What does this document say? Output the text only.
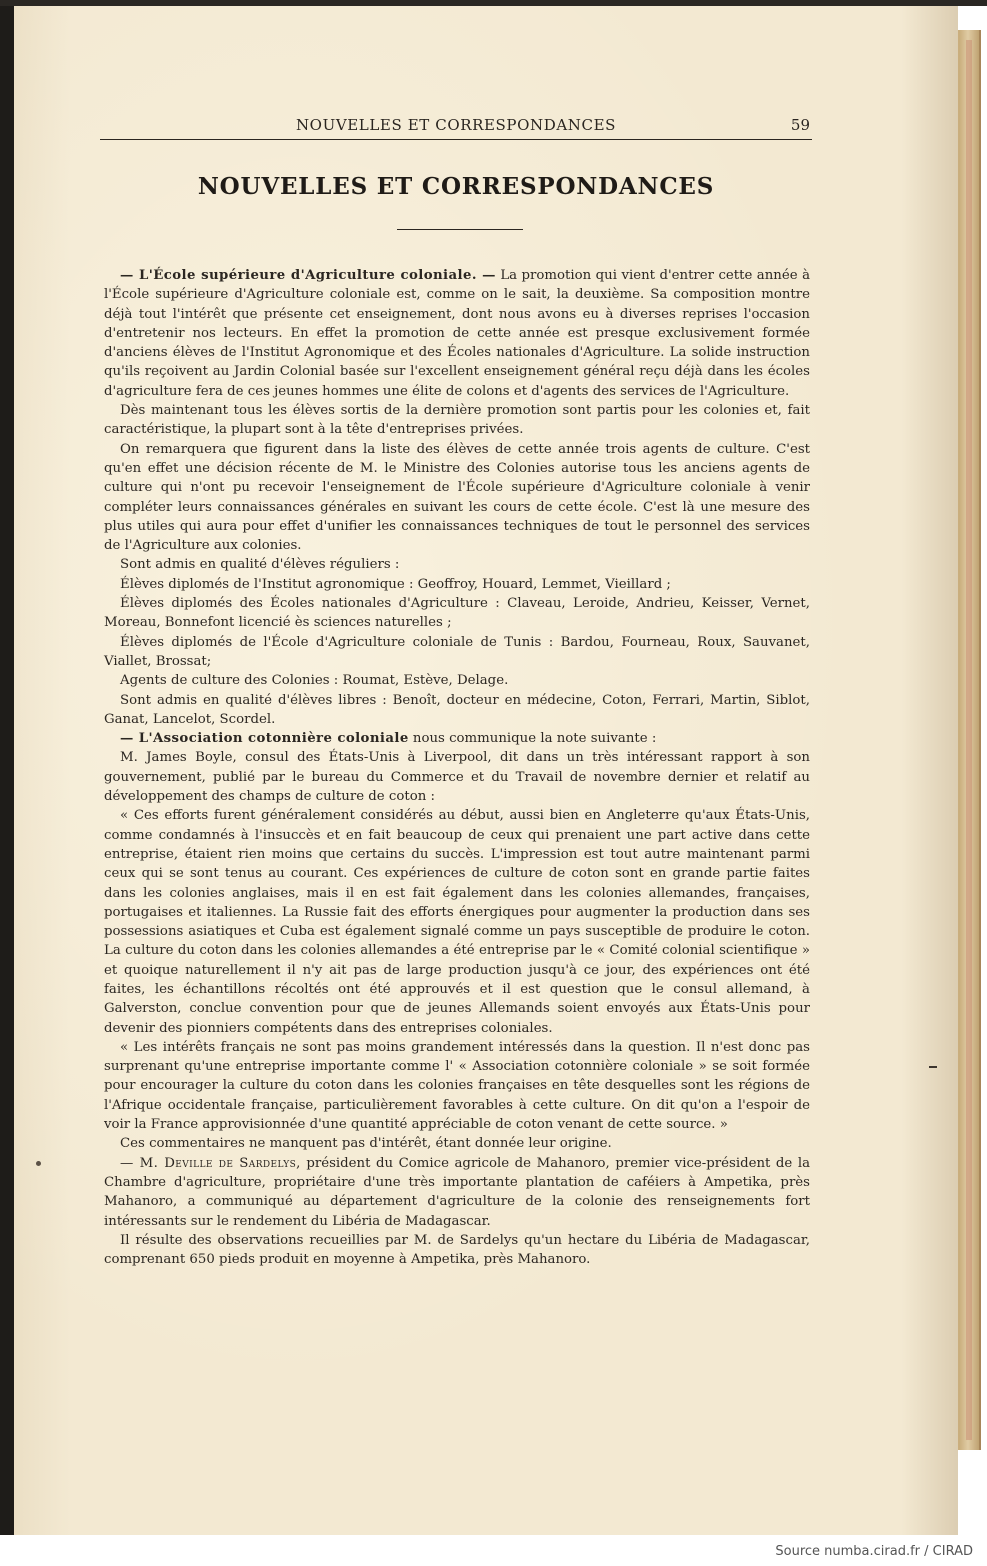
NOUVELLES ET CORRESPONDANCES	59
NOUVELLES ET CORRESPONDANCES

— L'École supérieure d'Agriculture coloniale. — La promotion qui vient d'entrer cette année à l'École supérieure d'Agriculture coloniale est, comme on le sait, la deuxième. Sa composition montre déjà tout l'intérêt que présente cet enseignement, dont nous avons eu à diverses reprises l'occasion d'entretenir nos lecteurs. En effet la promotion de cette année est presque exclusivement formée d'anciens élèves de l'Institut Agronomique et des Écoles nationales d'Agriculture. La solide instruction qu'ils reçoivent au Jardin Colonial basée sur l'excellent enseignement général reçu déjà dans les écoles d'agriculture fera de ces jeunes hommes une élite de colons et d'agents des services de l'Agriculture.

Dès maintenant tous les élèves sortis de la dernière promotion sont partis pour les colonies et, fait caractéristique, la plupart sont à la tête d'entreprises privées.

On remarquera que figurent dans la liste des élèves de cette année trois agents de culture. C'est qu'en effet une décision récente de M. le Ministre des Colonies autorise tous les anciens agents de culture qui n'ont pu recevoir l'enseignement de l'École supérieure d'Agriculture coloniale à venir compléter leurs connaissances générales en suivant les cours de cette école. C'est là une mesure des plus utiles qui aura pour effet d'unifier les connaissances techniques de tout le personnel des services de l'Agriculture aux colonies.

Sont admis en qualité d'élèves réguliers :

Élèves diplomés de l'Institut agronomique : Geoffroy, Houard, Lemmet, Vieillard ;

Élèves diplomés des Écoles nationales d'Agriculture : Claveau, Leroide, Andrieu, Keisser, Vernet, Moreau, Bonnefont licencié ès sciences naturelles ;

Élèves diplomés de l'École d'Agriculture coloniale de Tunis : Bardou, Fourneau, Roux, Sauvanet, Viallet, Brossat;

Agents de culture des Colonies : Roumat, Estève, Delage.

Sont admis en qualité d'élèves libres : Benoît, docteur en médecine, Coton, Ferrari, Martin, Siblot, Ganat, Lancelot, Scordel.

— L'Association cotonnière coloniale nous communique la note suivante :

M. James Boyle, consul des États-Unis à Liverpool, dit dans un très intéressant rapport à son gouvernement, publié par le bureau du Commerce et du Travail de novembre dernier et relatif au développement des champs de culture de coton :

« Ces efforts furent généralement considérés au début, aussi bien en Angleterre qu'aux États-Unis, comme condamnés à l'insuccès et en fait beaucoup de ceux qui prenaient une part active dans cette entreprise, étaient rien moins que certains du succès. L'impression est tout autre maintenant parmi ceux qui se sont tenus au courant. Ces expériences de culture de coton sont en grande partie faites dans les colonies anglaises, mais il en est fait également dans les colonies allemandes, françaises, portugaises et italiennes. La Russie fait des efforts énergiques pour augmenter la production dans ses possessions asiatiques et Cuba est également signalé comme un pays susceptible de produire le coton. La culture du coton dans les colonies allemandes a été entreprise par le « Comité colonial scientifique » et quoique naturellement il n'y ait pas de large production jusqu'à ce jour, des expériences ont été faites, les échantillons récoltés ont été approuvés et il est question que le consul allemand, à Galverston, conclue convention pour que de jeunes Allemands soient envoyés aux États-Unis pour devenir des pionniers compétents dans des entreprises coloniales.

« Les intérêts français ne sont pas moins grandement intéressés dans la question. Il n'est donc pas surprenant qu'une entreprise importante comme l' « Association cotonnière coloniale » se soit formée pour encourager la culture du coton dans les colonies françaises en tête desquelles sont les régions de l'Afrique occidentale française, particulièrement favorables à cette culture. On dit qu'on a l'espoir de voir la France approvisionnée d'une quantité appréciable de coton venant de cette source. »

Ces commentaires ne manquent pas d'intérêt, étant donnée leur origine.

— M. Deville de Sardelys, président du Comice agricole de Mahanoro, premier vice-président de la Chambre d'agriculture, propriétaire d'une très importante plantation de caféiers à Ampetika, près Mahanoro, a communiqué au département d'agriculture de la colonie des renseignements fort intéressants sur le rendement du Libéria de Madagascar.

Il résulte des observations recueillies par M. de Sardelys qu'un hectare du Libéria de Madagascar, comprenant 650 pieds produit en moyenne à Ampetika, près Mahanoro.

Source numba.cirad.fr / CIRAD
